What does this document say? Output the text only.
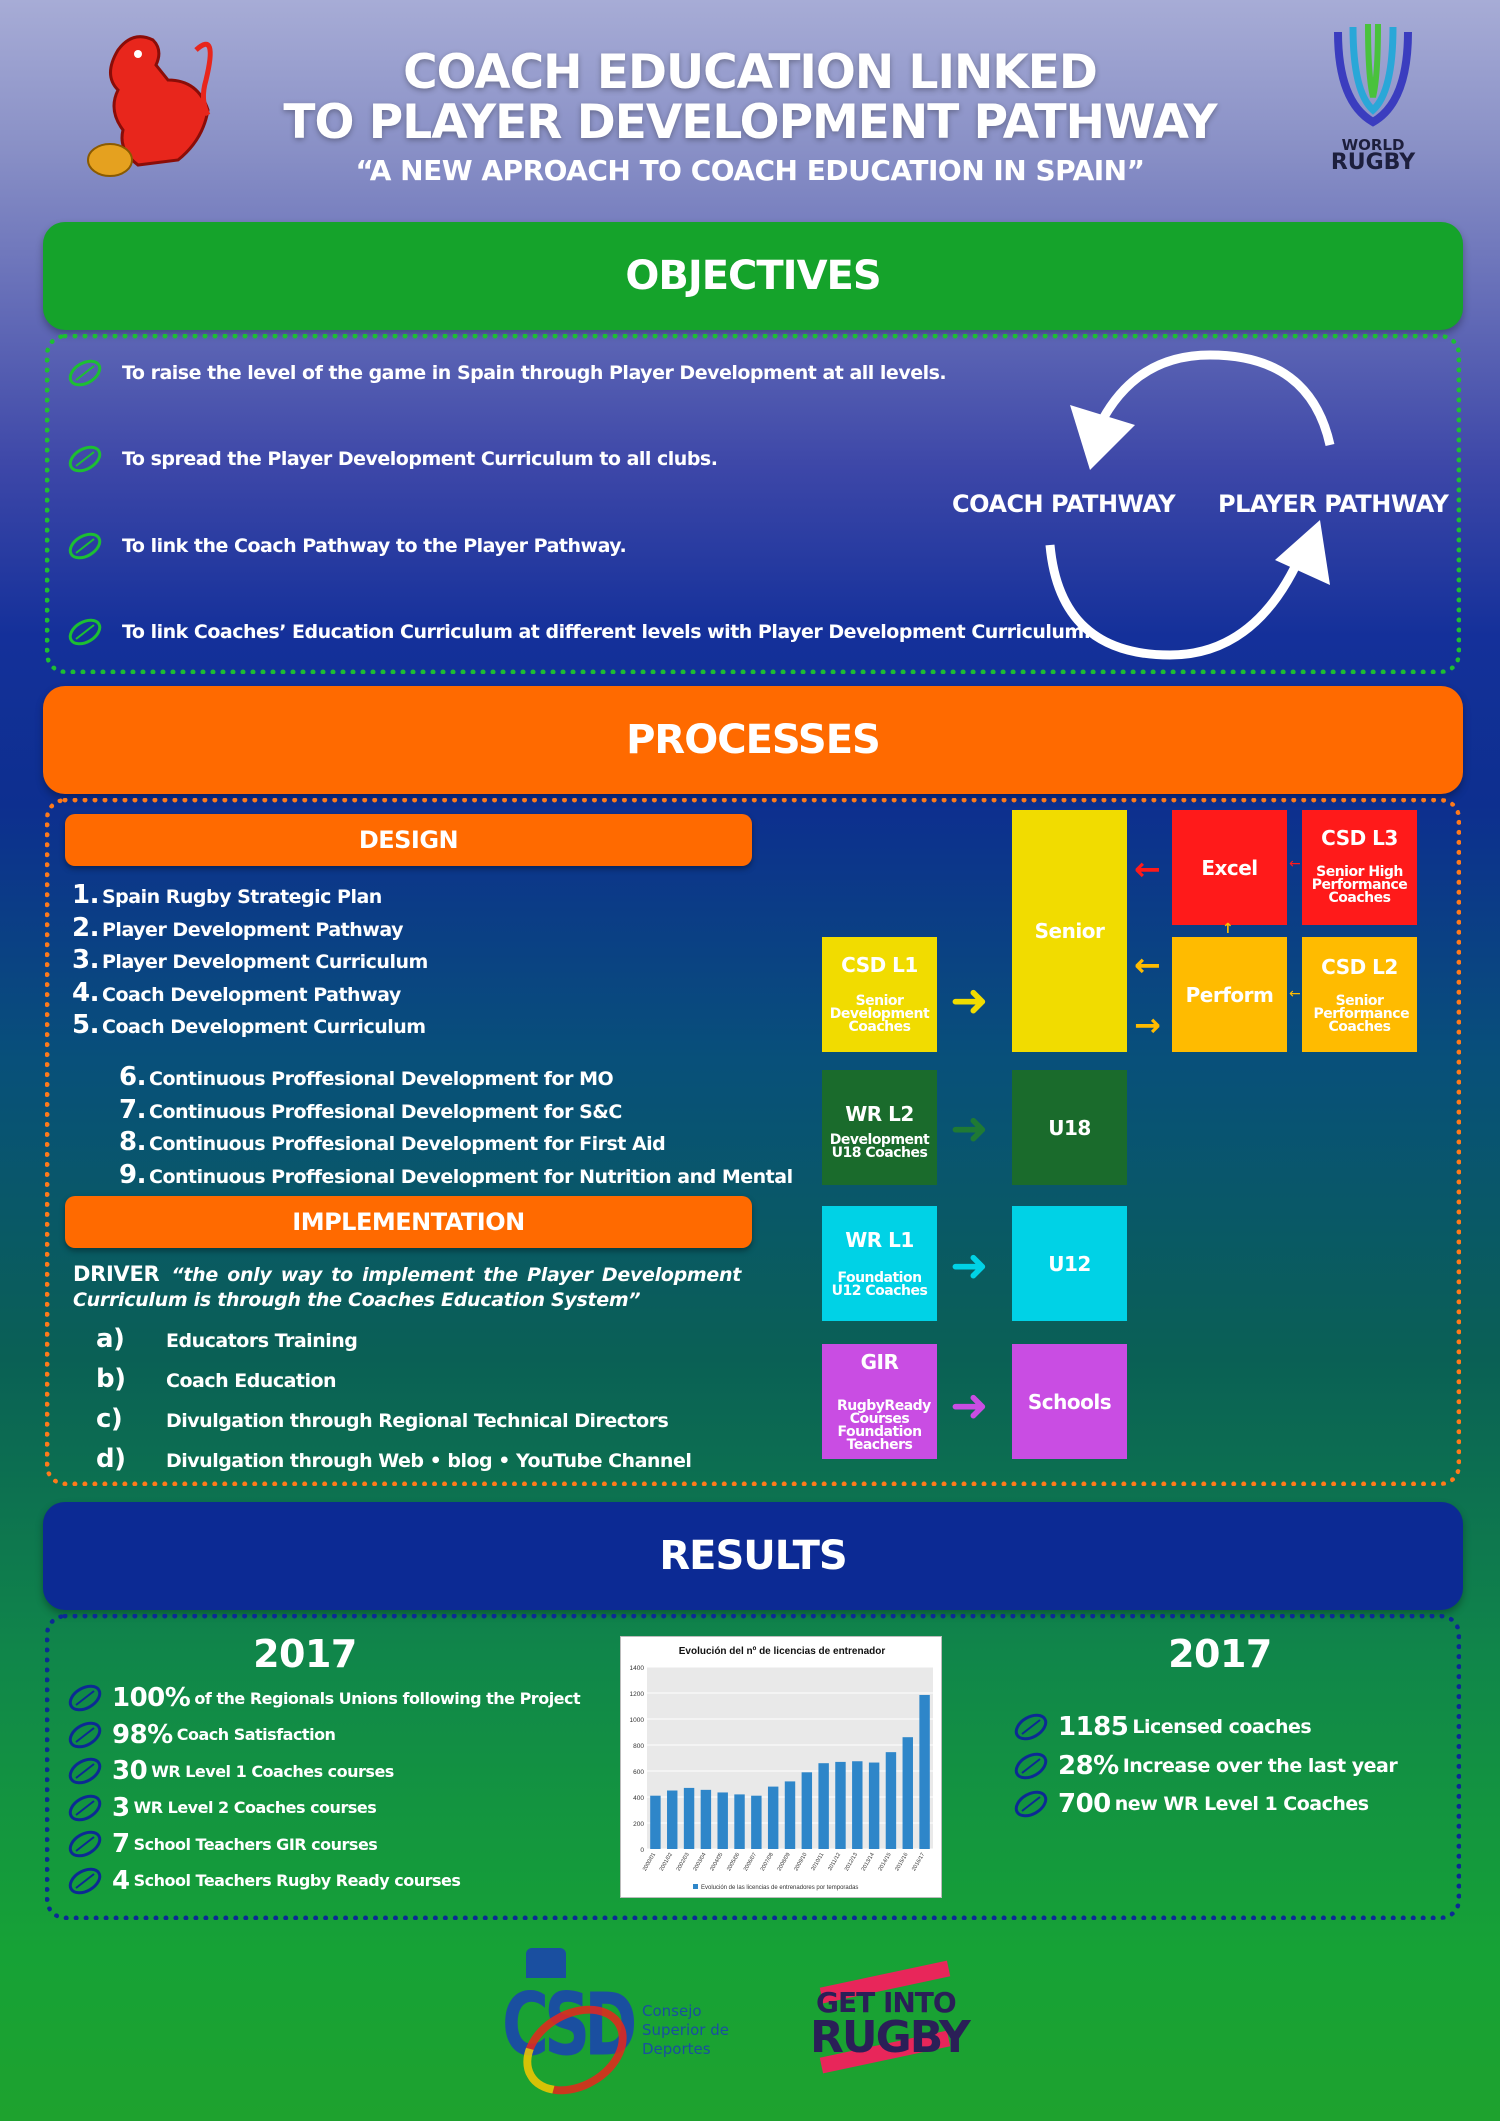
COACH EDUCATION LINKED
TO PLAYER DEVELOPMENT PATHWAY
“A NEW APROACH TO COACH EDUCATION IN SPAIN”
WORLD
RUGBY
OBJECTIVES
To raise the level of the game in Spain through Player Development at all levels.
To spread the Player Development Curriculum to all clubs.
To link the Coach Pathway to the Player Pathway.
To link Coaches’ Education Curriculum at different levels with Player Development Curriculum.
COACH PATHWAY PLAYER PATHWAY
PROCESSES
DESIGN
1. Spain Rugby Strategic Plan
2. Player Development Pathway
3. Player Development Curriculum
4. Coach Development Pathway
5. Coach Development Curriculum
6. Continuous Proffesional Development for MO
7. Continuous Proffesional Development for S&C
8. Continuous Proffesional Development for First Aid
9. Continuous Proffesional Development for Nutrition and Mental
IMPLEMENTATION
DRIVER “the only way to implement the Player Development Curriculum is through the Coaches Education System”
a) Educators Training
b) Coach Education
c) Divulgation through Regional Technical Directors
d) Divulgation through Web • blog • YouTube Channel
Senior
Excel
CSD L3
Senior High Performance Coaches
Perform
CSD L2
Senior Performance Coaches
CSD L1
Senior Development Coaches
WR L2
Development U18 Coaches
U18
WR L1
Foundation U12 Coaches
U12
GIR
RugbyReady Courses Foundation Teachers
Schools
➜
➜
➜
➜
←
←
→
↑
←
←
RESULTS
2017
100% of the Regionals Unions following the Project
98% Coach Satisfaction
30 WR Level 1 Coaches courses
3 WR Level 2 Coaches courses
7 School Teachers GIR courses
4 School Teachers Rugby Ready courses
Evolución del nº de licencias de entrenador
0
200
400
600
800
1000
1200
1400
2000/01 2001/02 2002/03 2003/04 2004/05 2005/06 2006/07 2007/08 2008/09 2009/10 2010/11 2011/12 2012/13 2013/14 2014/15 2015/16 2016/17
Evolución de las licencias de entrenadores por temporadas
2017
1185 Licensed coaches
28% Increase over the last year
700 new WR Level 1 Coaches
CSD Consejo
Superior de
Deportes
GET INTO
RUGBY
